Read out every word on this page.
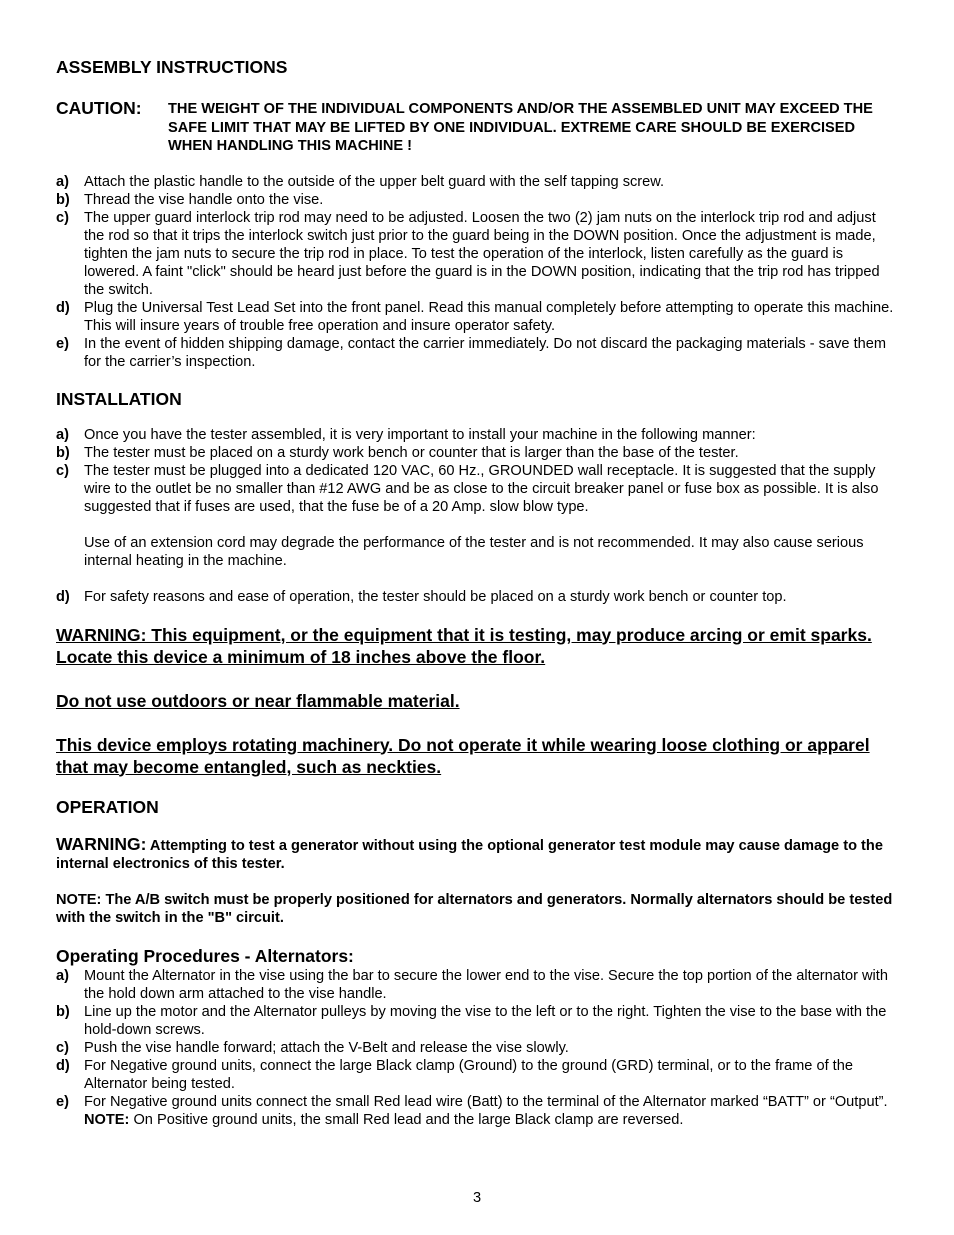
ASSEMBLY INSTRUCTIONS
CAUTION:	THE WEIGHT OF THE INDIVIDUAL COMPONENTS AND/OR THE ASSEMBLED UNIT MAY EXCEED THE SAFE LIMIT THAT MAY BE LIFTED BY ONE INDIVIDUAL. EXTREME CARE SHOULD BE EXERCISED WHEN HANDLING THIS MACHINE !
a)	Attach the plastic handle to the outside of the upper belt guard with the self tapping screw.
b) Thread the vise handle onto the vise.
c)	The upper guard interlock trip rod may need to be adjusted. Loosen the two (2) jam nuts on the interlock trip rod and adjust the rod so that it trips the interlock switch just prior to the guard being in the DOWN position. Once the adjustment is made, tighten the jam nuts to secure the trip rod in place. To test the operation of the interlock, listen carefully as the guard is lowered. A faint "click" should be heard just before the guard is in the DOWN position, indicating that the trip rod has tripped the switch.
d) Plug the Universal Test Lead Set into the front panel. Read this manual completely before attempting to operate this machine. This will insure years of trouble free operation and insure operator safety.
e)	In the event of hidden shipping damage, contact the carrier immediately. Do not discard the packaging materials - save them for the carrier’s inspection.
INSTALLATION
a)	Once you have the tester assembled, it is very important to install your machine in the following manner:
b) The tester must be placed on a sturdy work bench or counter that is larger than the base of the tester.
c)	The tester must be plugged into a dedicated 120 VAC, 60 Hz., GROUNDED wall receptacle. It is suggested that the supply wire to the outlet be no smaller than #12 AWG and be as close to the circuit breaker panel or fuse box as possible. It is also suggested that if fuses are used, that the fuse be of a 20 Amp. slow blow type.
Use of an extension cord may degrade the performance of the tester and is not recommended. It may also cause serious internal heating in the machine.
d) For safety reasons and ease of operation, the tester should be placed on a sturdy work bench or counter top.

WARNING: This equipment, or the equipment that it is testing, may produce arcing or emit sparks. Locate this device a minimum of 18 inches above the floor.

Do not use outdoors or near flammable material.

This device employs rotating machinery. Do not operate it while wearing loose clothing or apparel that may become entangled, such as neckties.

OPERATION

WARNING: Attempting to test a generator without using the optional generator test module may cause damage to the internal electronics of this tester.

NOTE: The A/B switch must be properly positioned for alternators and generators. Normally alternators should be tested with the switch in the "B" circuit.

Operating Procedures - Alternators:

a)	Mount the Alternator in the vise using the bar to secure the lower end to the vise. Secure the top portion of the alternator with the hold down arm attached to the vise handle.
b) Line up the motor and the Alternator pulleys by moving the vise to the left or to the right. Tighten the vise to the base with the hold-down screws.
c)	Push the vise handle forward; attach the V-Belt and release the vise slowly.
d) For Negative ground units, connect the large Black clamp (Ground) to the ground (GRD) terminal, or to the frame of the Alternator being tested.
e)	For Negative ground units connect the small Red lead wire (Batt) to the terminal of the Alternator marked “BATT” or “Output”.
NOTE: On Positive ground units, the small Red lead and the large Black clamp are reversed.
3
